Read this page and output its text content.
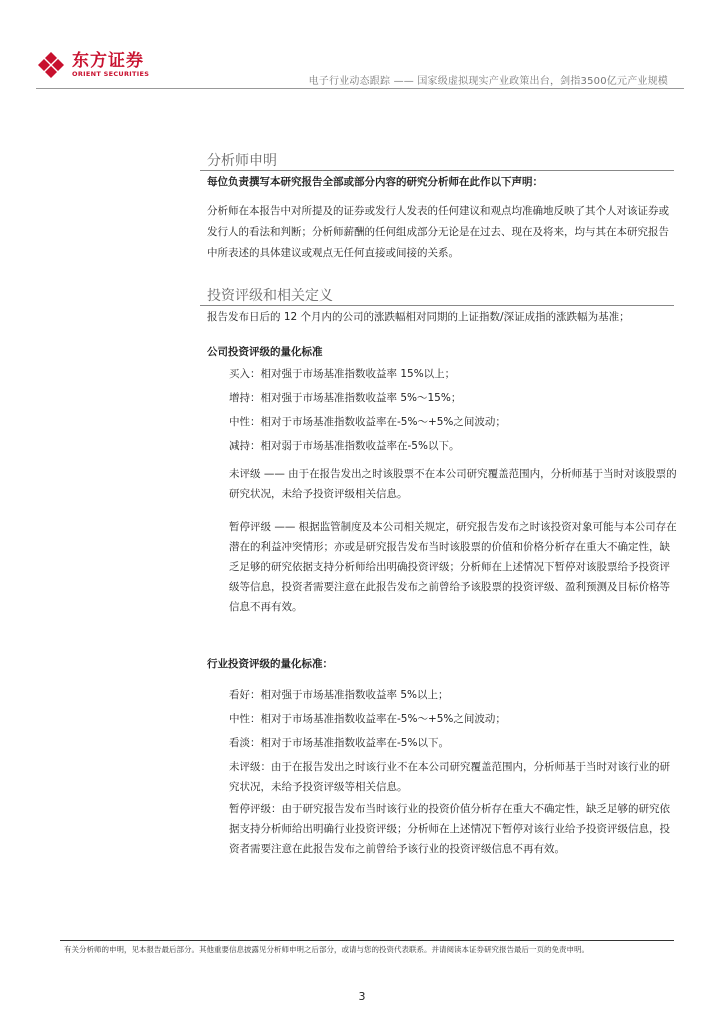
东方证券
ORIENT SECURITIES
电子行业动态跟踪 —— 国家级虚拟现实产业政策出台，剑指3500亿元产业规模
分析师申明
每位负责撰写本研究报告全部或部分内容的研究分析师在此作以下声明：
分析师在本报告中对所提及的证券或发行人发表的任何建议和观点均准确地反映了其个人对该证券或发行人的看法和判断；分析师薪酬的任何组成部分无论是在过去、现在及将来，均与其在本研究报告中所表述的具体建议或观点无任何直接或间接的关系。
投资评级和相关定义
报告发布日后的 12 个月内的公司的涨跌幅相对同期的上证指数/深证成指的涨跌幅为基准；
公司投资评级的量化标准
买入：相对强于市场基准指数收益率 15%以上；
增持：相对强于市场基准指数收益率 5%～15%；
中性：相对于市场基准指数收益率在-5%～+5%之间波动；
减持：相对弱于市场基准指数收益率在-5%以下。
未评级 —— 由于在报告发出之时该股票不在本公司研究覆盖范围内，分析师基于当时对该股票的研究状况，未给予投资评级相关信息。
暂停评级 —— 根据监管制度及本公司相关规定，研究报告发布之时该投资对象可能与本公司存在潜在的利益冲突情形；亦或是研究报告发布当时该股票的价值和价格分析存在重大不确定性，缺乏足够的研究依据支持分析师给出明确投资评级；分析师在上述情况下暂停对该股票给予投资评级等信息，投资者需要注意在此报告发布之前曾给予该股票的投资评级、盈利预测及目标价格等信息不再有效。
行业投资评级的量化标准：
看好：相对强于市场基准指数收益率 5%以上；
中性：相对于市场基准指数收益率在-5%～+5%之间波动；
看淡：相对于市场基准指数收益率在-5%以下。
未评级：由于在报告发出之时该行业不在本公司研究覆盖范围内，分析师基于当时对该行业的研究状况，未给予投资评级等相关信息。
暂停评级：由于研究报告发布当时该行业的投资价值分析存在重大不确定性，缺乏足够的研究依据支持分析师给出明确行业投资评级；分析师在上述情况下暂停对该行业给予投资评级信息，投资者需要注意在此报告发布之前曾给予该行业的投资评级信息不再有效。
有关分析师的申明，见本报告最后部分。其他重要信息披露见分析师申明之后部分，或请与您的投资代表联系。并请阅读本证券研究报告最后一页的免责申明。
3
